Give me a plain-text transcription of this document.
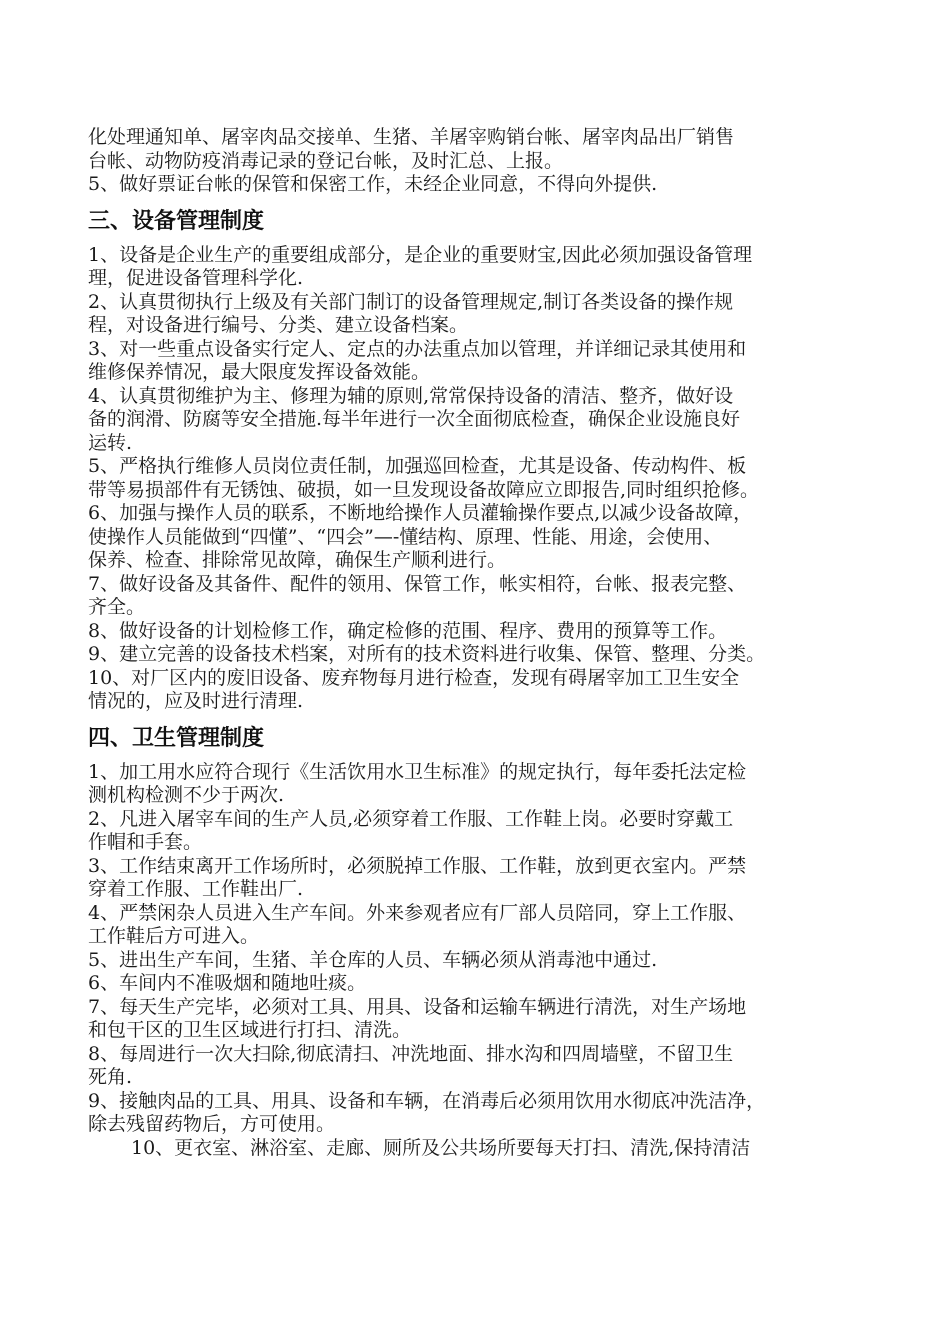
化处理通知单、屠宰肉品交接单、生猪、羊屠宰购销台帐、屠宰肉品出厂销售
台帐、动物防疫消毒记录的登记台帐，及时汇总、上报。

5、做好票证台帐的保管和保密工作，未经企业同意，不得向外提供.

三、设备管理制度

1、设备是企业生产的重要组成部分，是企业的重要财宝,因此必须加强设备管理
理，促进设备管理科学化.

2、认真贯彻执行上级及有关部门制订的设备管理规定,制订各类设备的操作规
程，对设备进行编号、分类、建立设备档案。

3、对一些重点设备实行定人、定点的办法重点加以管理，并详细记录其使用和
维修保养情况，最大限度发挥设备效能。

4、认真贯彻维护为主、修理为辅的原则,常常保持设备的清洁、整齐，做好设
备的润滑、防腐等安全措施.每半年进行一次全面彻底检查，确保企业设施良好
运转.

5、严格执行维修人员岗位责任制，加强巡回检查，尤其是设备、传动构件、板
带等易损部件有无锈蚀、破损，如一旦发现设备故障应立即报告,同时组织抢修。

6、加强与操作人员的联系，不断地给操作人员灌输操作要点,以减少设备故障，
使操作人员能做到“四懂”、“四会”—-懂结构、原理、性能、用途，会使用、
保养、检查、排除常见故障，确保生产顺利进行。

7、做好设备及其备件、配件的领用、保管工作，帐实相符，台帐、报表完整、
齐全。

8、做好设备的计划检修工作，确定检修的范围、程序、费用的预算等工作。

9、建立完善的设备技术档案，对所有的技术资料进行收集、保管、整理、分类。

10、对厂区内的废旧设备、废弃物每月进行检查，发现有碍屠宰加工卫生安全
情况的，应及时进行清理.

四、卫生管理制度

1、加工用水应符合现行《生活饮用水卫生标准》的规定执行，每年委托法定检
测机构检测不少于两次.

2、凡进入屠宰车间的生产人员,必须穿着工作服、工作鞋上岗。必要时穿戴工
作帽和手套。

3、工作结束离开工作场所时，必须脱掉工作服、工作鞋，放到更衣室内。严禁
穿着工作服、工作鞋出厂.

4、严禁闲杂人员进入生产车间。外来参观者应有厂部人员陪同，穿上工作服、
工作鞋后方可进入。

5、进出生产车间，生猪、羊仓库的人员、车辆必须从消毒池中通过.

6、车间内不准吸烟和随地吐痰。

7、每天生产完毕，必须对工具、用具、设备和运输车辆进行清洗，对生产场地
和包干区的卫生区域进行打扫、清洗。

8、每周进行一次大扫除,彻底清扫、冲洗地面、排水沟和四周墙壁，不留卫生
死角.

9、接触肉品的工具、用具、设备和车辆，在消毒后必须用饮用水彻底冲洗洁净，
除去残留药物后，方可使用。

10、更衣室、淋浴室、走廊、厕所及公共场所要每天打扫、清洗,保持清洁
